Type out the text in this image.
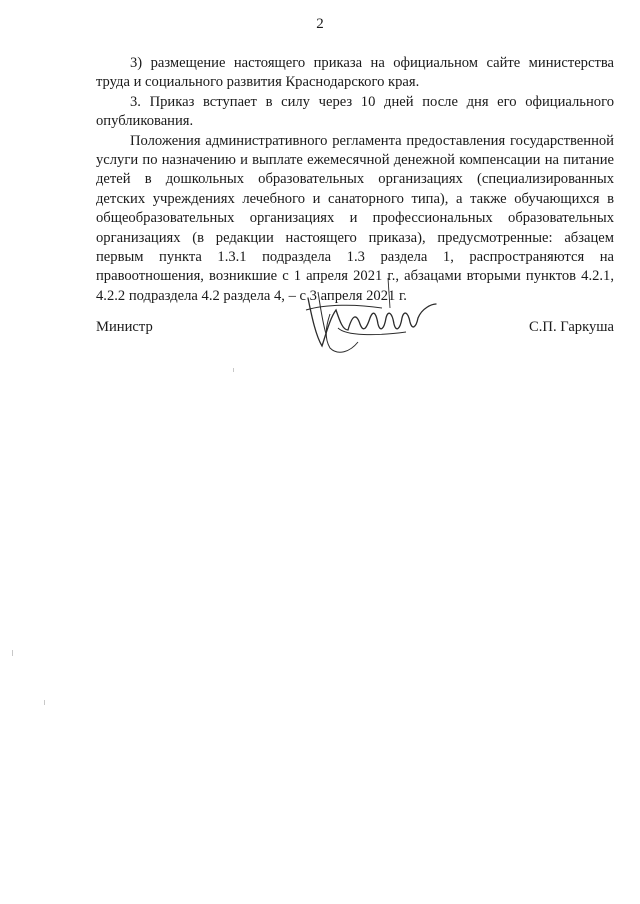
2

3) размещение настоящего приказа на официальном сайте министерства труда и социального развития Краснодарского края.

3. Приказ вступает в силу через 10 дней после дня его официального опубликования.

Положения административного регламента предоставления государственной услуги по назначению и выплате ежемесячной денежной компенсации на питание детей в дошкольных образовательных организациях (специализированных детских учреждениях лечебного и санаторного типа), а также обучающихся в общеобразовательных организациях и профессиональных образовательных организациях (в редакции настоящего приказа), предусмотренные: абзацем первым пункта 1.3.1 подраздела 1.3 раздела 1, распространяются на правоотношения, возникшие с 1 апреля 2021 г., абзацами вторыми пунктов 4.2.1, 4.2.2 подраздела 4.2 раздела 4, – с 3 апреля 2021 г.

Министр	С.П. Гаркуша
